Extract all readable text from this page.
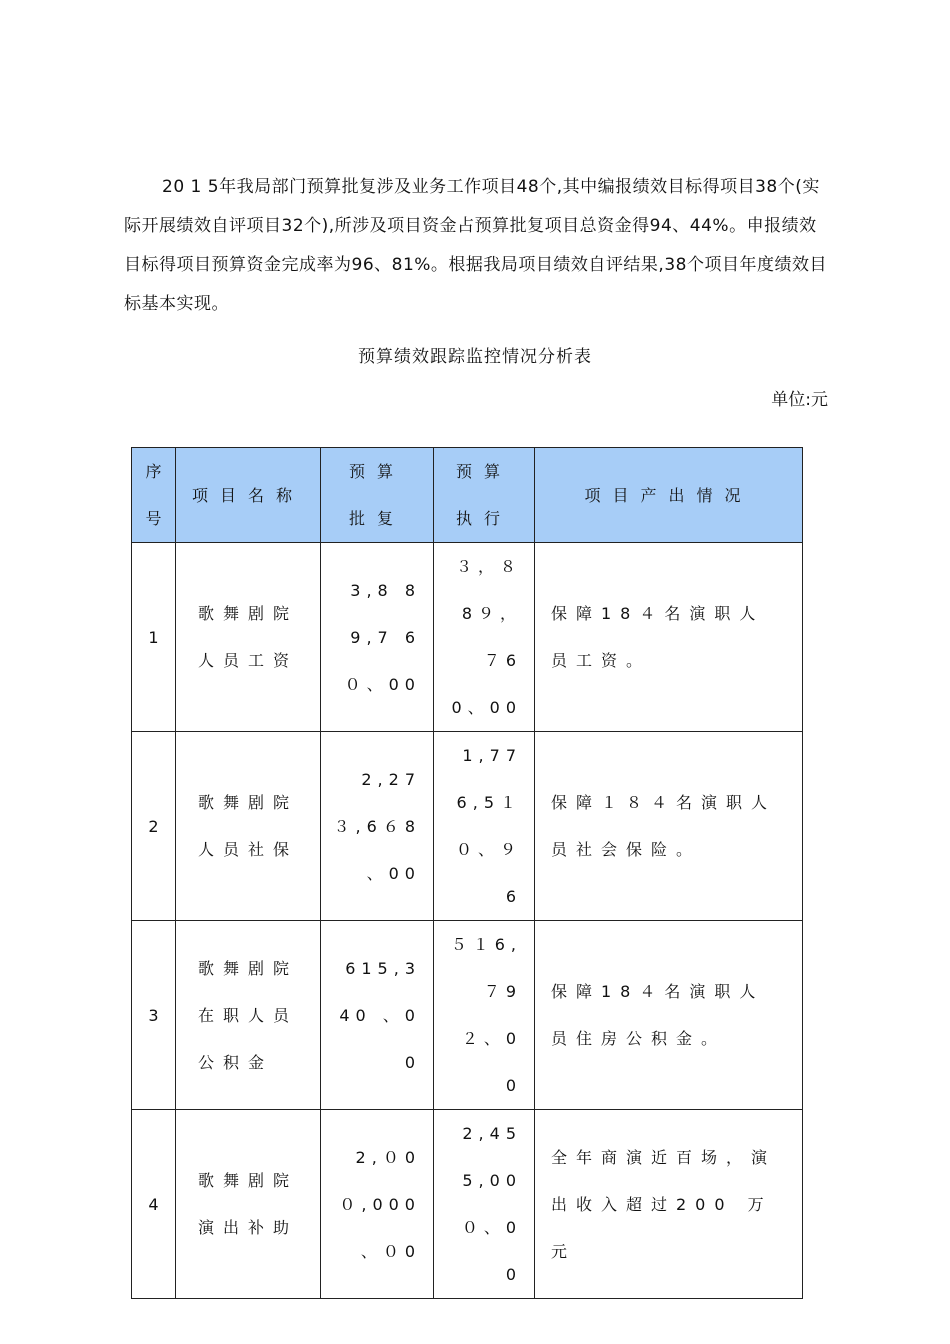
20 1 5年我局部门预算批复涉及业务工作项目48个,其中编报绩效目标得项目38个(实际开展绩效自评项目32个),所涉及项目资金占预算批复项目总资金得94、44%。申报绩效目标得项目预算资金完成率为96、81%。根据我局项目绩效自评结果,38个项目年度绩效目标基本实现。

预算绩效跟踪监控情况分析表
单位:元
序号	项目名称	预算批复	预算执行	项目产出情况
1	歌舞剧院人员工资	3,8 89,7 6０、00	３，８8９，７60、00	保障18４名演职人员工资。

2	歌舞剧院人员社保	2,27３,6６8 、00	1,776,5１０、９6	保障１８４名演职人员社会保险。

3	歌舞剧院在职人员公积金	615,340 、00	５１6,７9２、00	保障18４名演职人员住房公积金。

4	歌舞剧院演出补助	2,０0０,000 、０0	2,455,00０、00	全年商演近百场，演出收入超过200 万元
